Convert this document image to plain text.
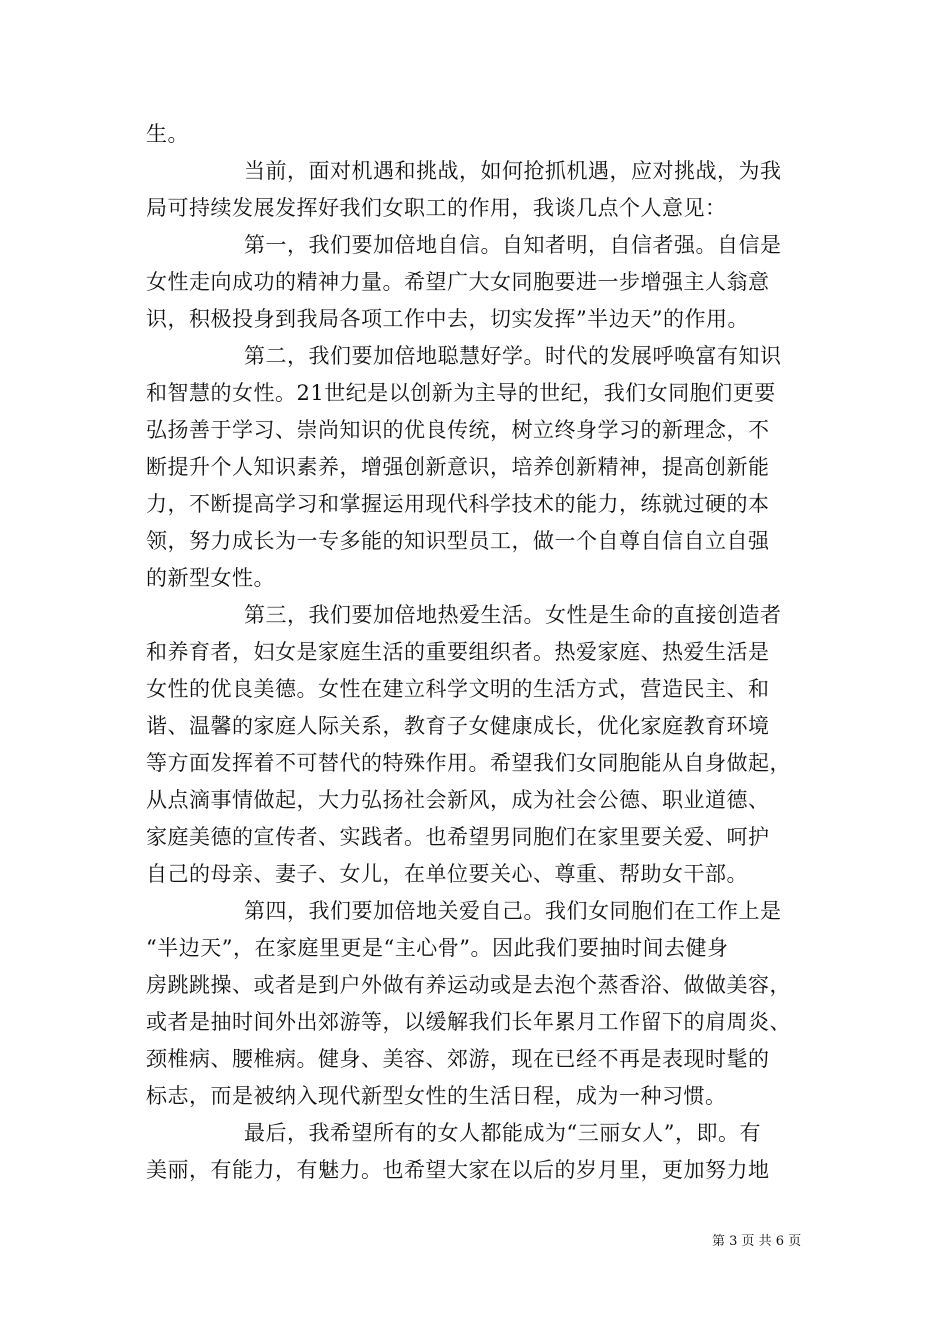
生。
当前，面对机遇和挑战，如何抢抓机遇，应对挑战，为我
局可持续发展发挥好我们女职工的作用，我谈几点个人意见：
第一，我们要加倍地自信。自知者明，自信者强。自信是
女性走向成功的精神力量。希望广大女同胞要进一步增强主人翁意
识，积极投身到我局各项工作中去，切实发挥”半边天”的作用。
第二，我们要加倍地聪慧好学。时代的发展呼唤富有知识
和智慧的女性。21世纪是以创新为主导的世纪，我们女同胞们更要
弘扬善于学习、崇尚知识的优良传统，树立终身学习的新理念，不
断提升个人知识素养，增强创新意识，培养创新精神，提高创新能
力，不断提高学习和掌握运用现代科学技术的能力，练就过硬的本
领，努力成长为一专多能的知识型员工，做一个自尊自信自立自强
的新型女性。
第三，我们要加倍地热爱生活。女性是生命的直接创造者
和养育者，妇女是家庭生活的重要组织者。热爱家庭、热爱生活是
女性的优良美德。女性在建立科学文明的生活方式，营造民主、和
谐、温馨的家庭人际关系，教育子女健康成长，优化家庭教育环境
等方面发挥着不可替代的特殊作用。希望我们女同胞能从自身做起，
从点滴事情做起，大力弘扬社会新风，成为社会公德、职业道德、
家庭美德的宣传者、实践者。也希望男同胞们在家里要关爱、呵护
自己的母亲、妻子、女儿，在单位要关心、尊重、帮助女干部。
第四，我们要加倍地关爱自己。我们女同胞们在工作上是
“半边天”，在家庭里更是“主心骨”。因此我们要抽时间去健身
房跳跳操、或者是到户外做有养运动或是去泡个蒸香浴、做做美容，
或者是抽时间外出郊游等，以缓解我们长年累月工作留下的肩周炎、
颈椎病、腰椎病。健身、美容、郊游，现在已经不再是表现时髦的
标志，而是被纳入现代新型女性的生活日程，成为一种习惯。
最后，我希望所有的女人都能成为“三丽女人”，即。有
美丽，有能力，有魅力。也希望大家在以后的岁月里，更加努力地
第 3 页 共 6 页
